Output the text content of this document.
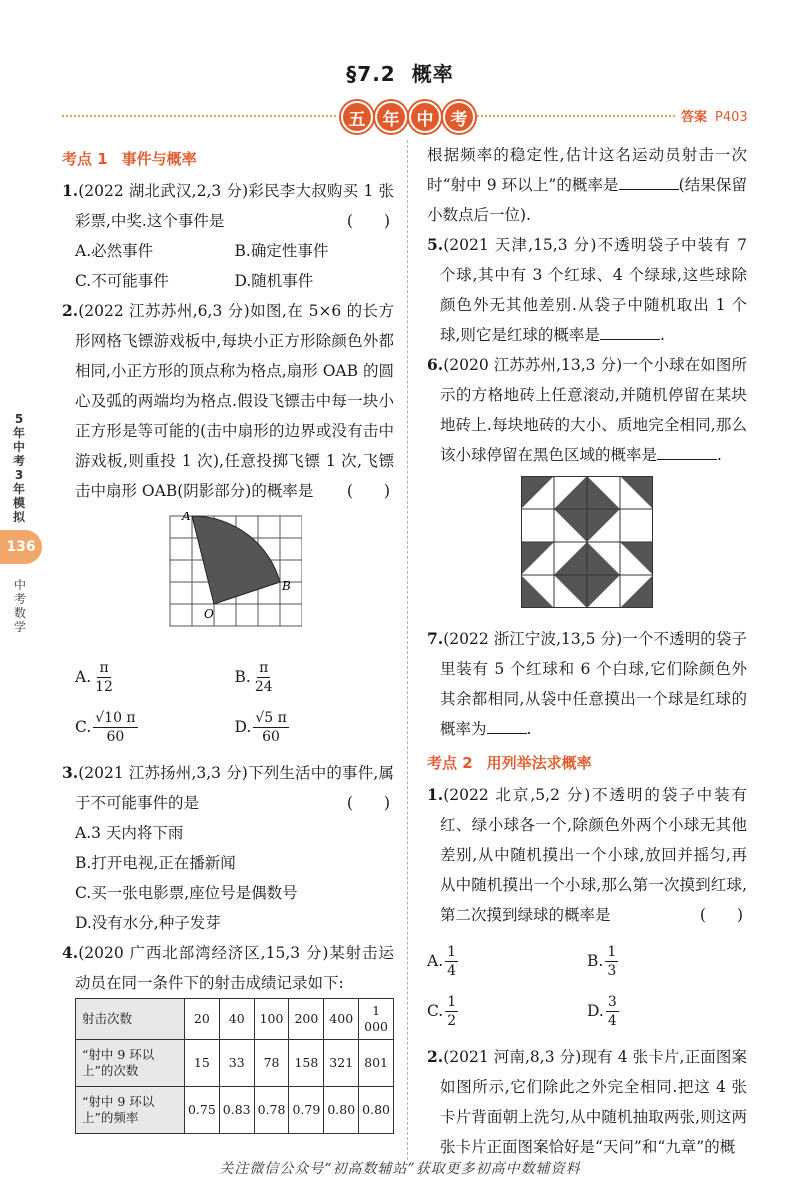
§7.2 概率
五	年	中	考	答案 P403
5
年
中
考
3
年
模
拟
136
中
考
数
学
考点 1 事件与概率
1.(2022 湖北武汉,2,3 分)彩民李大叔购买 1 张彩票,中奖.这个事件是	(　　)
A.必然事件	B.确定性事件
C.不可能事件	D.随机事件
2.(2022 江苏苏州,6,3 分)如图,在 5×6 的长方形网格飞镖游戏板中,每块小正方形除颜色外都相同,小正方形的顶点称为格点,扇形 OAB 的圆心及弧的两端均为格点.假设飞镖击中每一块小正方形是等可能的(击中扇形的边界或没有击中游戏板,则重投 1 次),任意投掷飞镖 1 次,飞镖击中扇形 OAB(阴影部分)的概率是 (　　)
A
B
O
A. $\frac{\pi}{12}$	B. $\frac{\pi}{24}$
C. $\frac{√10 \pi}{60}$	D. $\frac{√5 \pi}{60}$
3.(2021 江苏扬州,3,3 分)下列生活中的事件,属于不可能事件的是	(　　)
A.3 天内将下雨
B.打开电视,正在播新闻
C.买一张电影票,座位号是偶数号
D.没有水分,种子发芽
4.(2020 广西北部湾经济区,15,3 分)某射击运动员在同一条件下的射击成绩记录如下:
射击次数	20	40	100	200	400	1 000
“射中 9 环以上”的次数	15	33	78	158	321	801
“射中 9 环以上”的频率	0.75	0.83	0.78	0.79	0.80	0.80
根据频率的稳定性,估计这名运动员射击一次时“射中 9 环以上”的概率是	(结果保留小数点后一位).
5.(2021 天津,15,3 分)不透明袋子中装有 7 个球,其中有 3 个红球、4 个绿球,这些球除颜色外无其他差别.从袋子中随机取出 1 个球,则它是红球的概率是	.
6.(2020 江苏苏州,13,3 分)一个小球在如图所示的方格地砖上任意滚动,并随机停留在某块地砖上.每块地砖的大小、质地完全相同,那么该小球停留在黑色区域的概率是	.
7.(2022 浙江宁波,13,5 分)一个不透明的袋子里装有 5 个红球和 6 个白球,它们除颜色外其余都相同,从袋中任意摸出一个球是红球的概率为	.
考点 2 用列举法求概率
1.(2022 北京,5,2 分)不透明的袋子中装有红、绿小球各一个,除颜色外两个小球无其他差别,从中随机摸出一个小球,放回并摇匀,再从中随机摸出一个小球,那么第一次摸到红球,第二次摸到绿球的概率是	(　　)
A. $\frac{1}{4}$	B. $\frac{1}{3}$
C. $\frac{1}{2}$	D. $\frac{3}{4}$
2.(2021 河南,8,3 分)现有 4 张卡片,正面图案如图所示,它们除此之外完全相同.把这 4 张卡片背面朝上洗匀,从中随机抽取两张,则这两张卡片正面图案恰好是“天问”和“九章”的概
关注微信公众号“初高数辅站”获取更多初高中数辅资料
